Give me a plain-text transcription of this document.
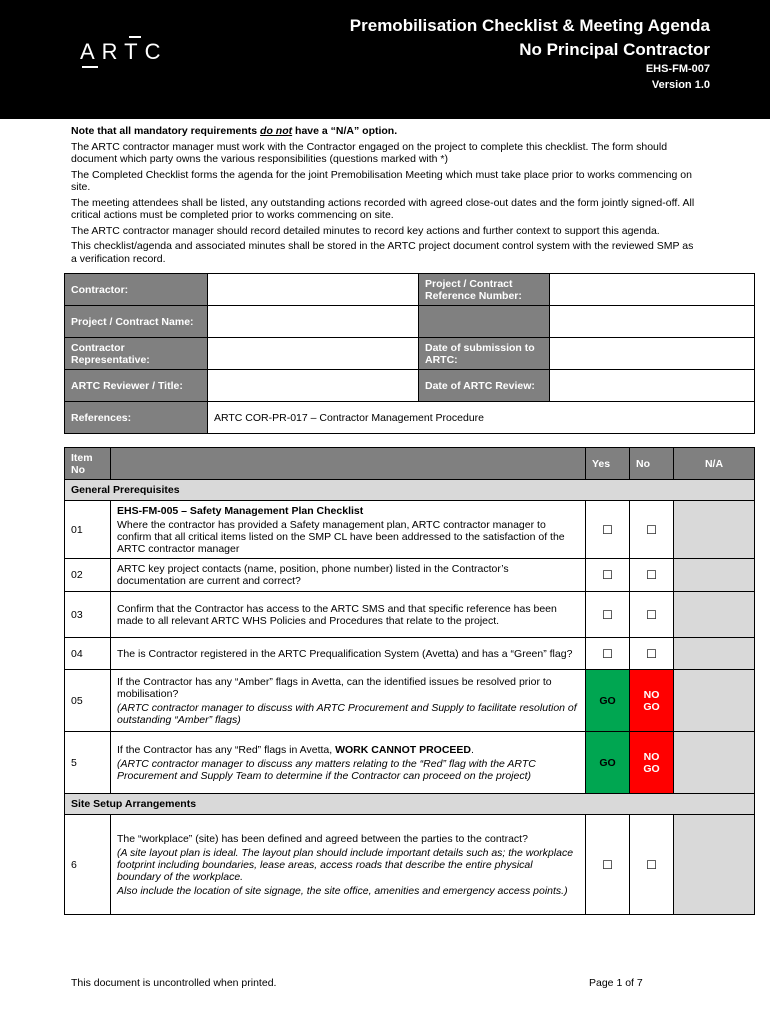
ARTC
Premobilisation Checklist & Meeting Agenda
No Principal Contractor
EHS-FM-007
Version 1.0

Note that all mandatory requirements do not have a “N/A” option.

The ARTC contractor manager must work with the Contractor engaged on the project to complete this checklist. The form should document which party owns the various responsibilities (questions marked with *)

The Completed Checklist forms the agenda for the joint Premobilisation Meeting which must take place prior to works commencing on site.

The meeting attendees shall be listed, any outstanding actions recorded with agreed close-out dates and the form jointly signed-off. All critical actions must be completed prior to works commencing on site.

The ARTC contractor manager should record detailed minutes to record key actions and further context to support this agenda.

This checklist/agenda and associated minutes shall be stored in the ARTC project document control system with the reviewed SMP as a verification record.

Contractor:		Project / Contract Reference Number:	
Project / Contract Name:			
Contractor Representative:		Date of submission to ARTC:	
ARTC Reviewer / Title:		Date of ARTC Review:	
References:	ARTC COR-PR-017 – Contractor Management Procedure		
Item No		Yes	No	N/A
General Prerequisites				
01	EHS-FM-005 – Safety Management Plan Checklist

Where the contractor has provided a Safety management plan, ARTC contractor manager to confirm that all critical items listed on the SMP CL have been addressed to the satisfaction of the ARTC contractor manager	☐	☐	
02	ARTC key project contacts (name, position, phone number) listed in the Contractor’s documentation are current and correct?	☐	☐	
03	Confirm that the Contractor has access to the ARTC SMS and that specific reference has been made to all relevant ARTC WHS Policies and Procedures that relate to the project.	☐	☐	
04	The is Contractor registered in the ARTC Prequalification System (Avetta) and has a “Green” flag?	☐	☐	
05	If the Contractor has any “Amber” flags in Avetta, can the identified issues be resolved prior to mobilisation?

(ARTC contractor manager to discuss with ARTC Procurement and Supply to facilitate resolution of outstanding “Amber” flags)	GO	NO GO	
5	If the Contractor has any “Red” flags in Avetta, WORK CANNOT PROCEED.

(ARTC contractor manager to discuss any matters relating to the “Red” flag with the ARTC Procurement and Supply Team to determine if the Contractor can proceed on the project)	GO	NO GO	
Site Setup Arrangements				
6	The “workplace” (site) has been defined and agreed between the parties to the contract?

(A site layout plan is ideal. The layout plan should include important details such as; the workplace footprint including boundaries, lease areas, access roads that describe the entire physical boundary of the workplace.

Also include the location of site signage, the site office, amenities and emergency access points.)	☐	☐	
This document is uncontrolled when printed.	Page 1 of 7
